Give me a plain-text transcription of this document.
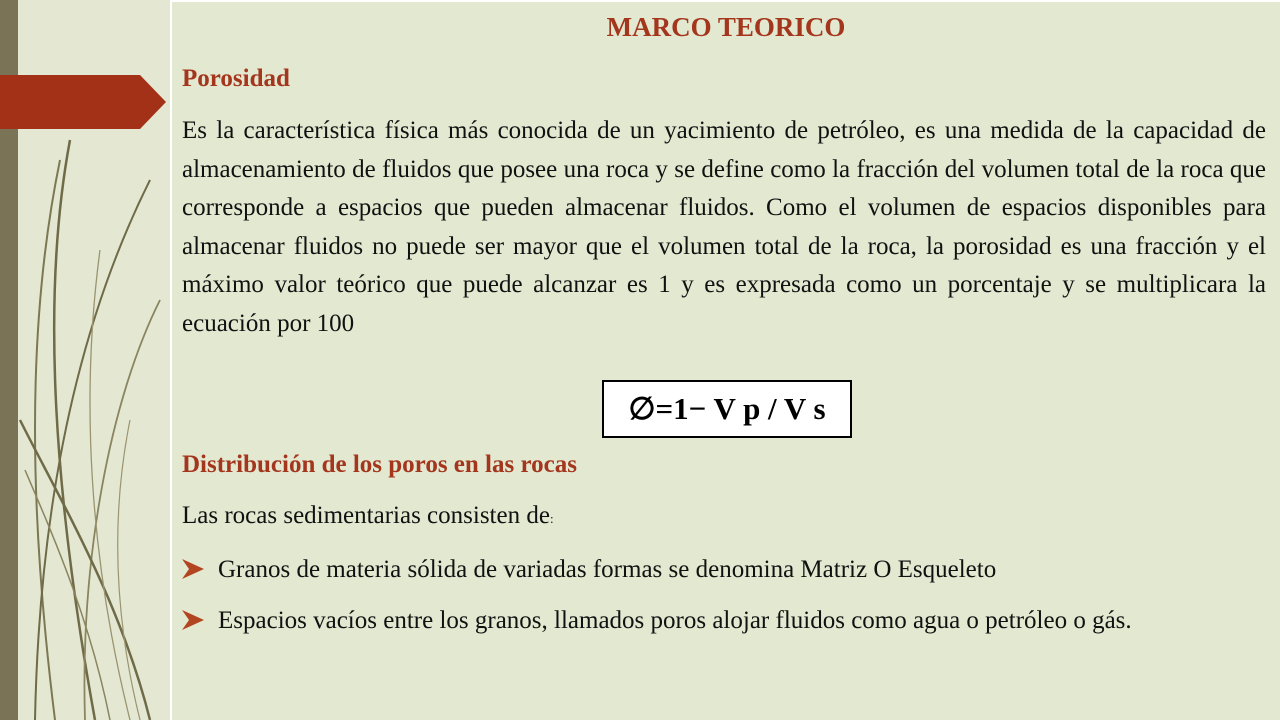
MARCO TEORICO
Porosidad

Es la característica física más conocida de un yacimiento de petróleo, es una medida de la capacidad de almacenamiento de fluidos que posee una roca y se define como la fracción del volumen total de la roca que corresponde a espacios que pueden almacenar fluidos. Como el volumen de espacios disponibles para almacenar fluidos no puede ser mayor que el volumen total de la roca, la porosidad es una fracción y el máximo valor teórico que puede alcanzar es 1 y es expresada como un porcentaje y se multiplicara la ecuación por 100

∅=1− V p / V s
Distribución de los poros en las rocas
Las rocas sedimentarias consisten de:
Granos de materia sólida de variadas formas se denomina Matriz O Esqueleto
Espacios vacíos entre los granos, llamados poros alojar fluidos como agua o petróleo o gás.
